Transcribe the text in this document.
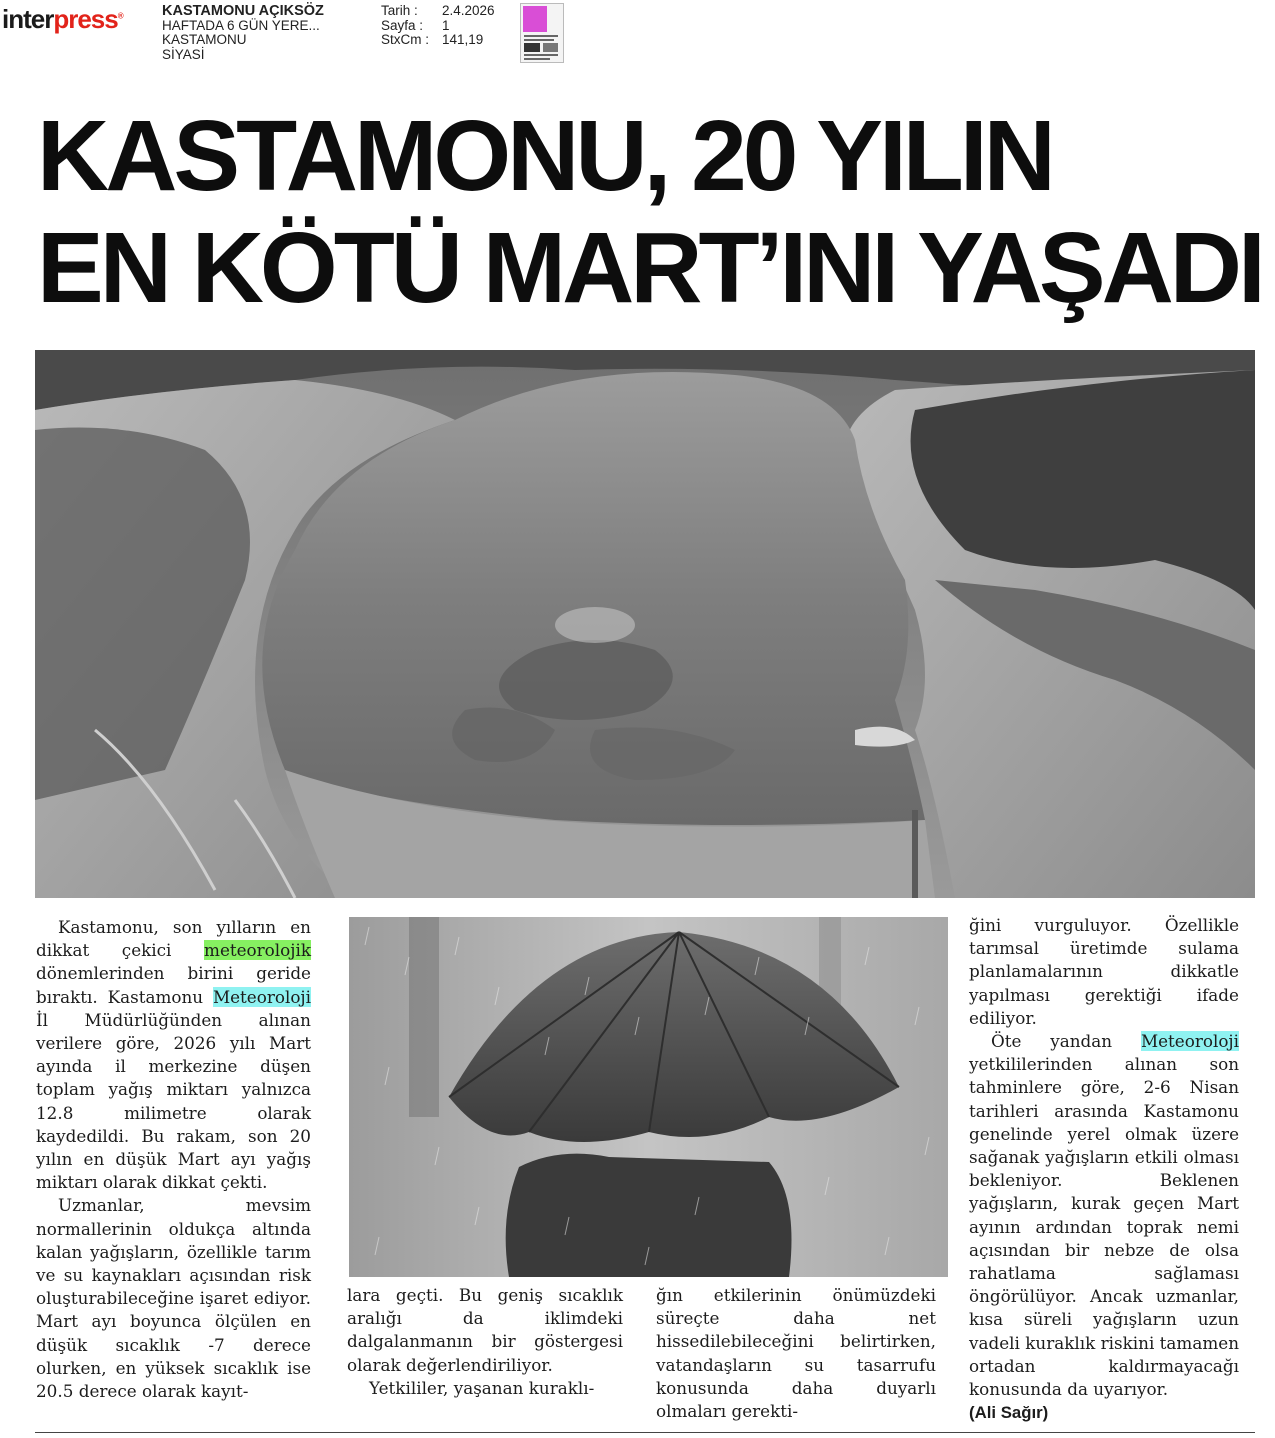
interpress®	KASTAMONU AÇIKSÖZ
HAFTADA 6 GÜN YERE...
KASTAMONU
SİYASİ
Tarih :	2.4.2026
Sayfa :	1
StxCm : 141,19
KASTAMONU, 20 YILIN
EN KÖTÜ MART’INI YAŞADI

Kastamonu, son yılların en dikkat çekici meteorolojik dönemlerinden birini geride bıraktı. Kastamonu Meteoroloji İl Müdürlüğünden alınan verilere göre, 2026 yılı Mart ayında il merkezine düşen toplam yağış miktarı yalnızca 12.8 milimetre olarak kaydedildi. Bu rakam, son 20 yılın en düşük Mart ayı yağış miktarı olarak dikkat çekti.

Uzmanlar, mevsim normallerinin oldukça altında kalan yağışların, özellikle tarım ve su kaynakları açısından risk oluşturabileceğine işaret ediyor. Mart ayı boyunca ölçülen en düşük sıcaklık -7 derece olurken, en yüksek sıcaklık ise 20.5 derece olarak kayıt-

lara geçti. Bu geniş sıcaklık aralığı da iklimdeki dalgalanmanın bir göstergesi olarak değerlendiriliyor.

Yetkililer, yaşanan kuraklı-

ğın etkilerinin önümüzdeki süreçte daha net hissedilebileceğini belirtirken, vatandaşların su tasarrufu konusunda daha duyarlı olmaları gerekti-

ğini vurguluyor. Özellikle tarımsal üretimde sulama planlamalarının dikkatle yapılması gerektiği ifade ediliyor.

Öte yandan Meteoroloji yetkililerinden alınan son tahminlere göre, 2-6 Nisan tarihleri arasında Kastamonu genelinde yerel olmak üzere sağanak yağışların etkili olması bekleniyor. Beklenen yağışların, kurak geçen Mart ayının ardından toprak nemi açısından bir nebze de olsa rahatlama sağlaması öngörülüyor. Ancak uzmanlar, kısa süreli yağışların uzun vadeli kuraklık riskini tamamen ortadan kaldırmayacağı konusunda da uyarıyor.

(Ali Sağır)
